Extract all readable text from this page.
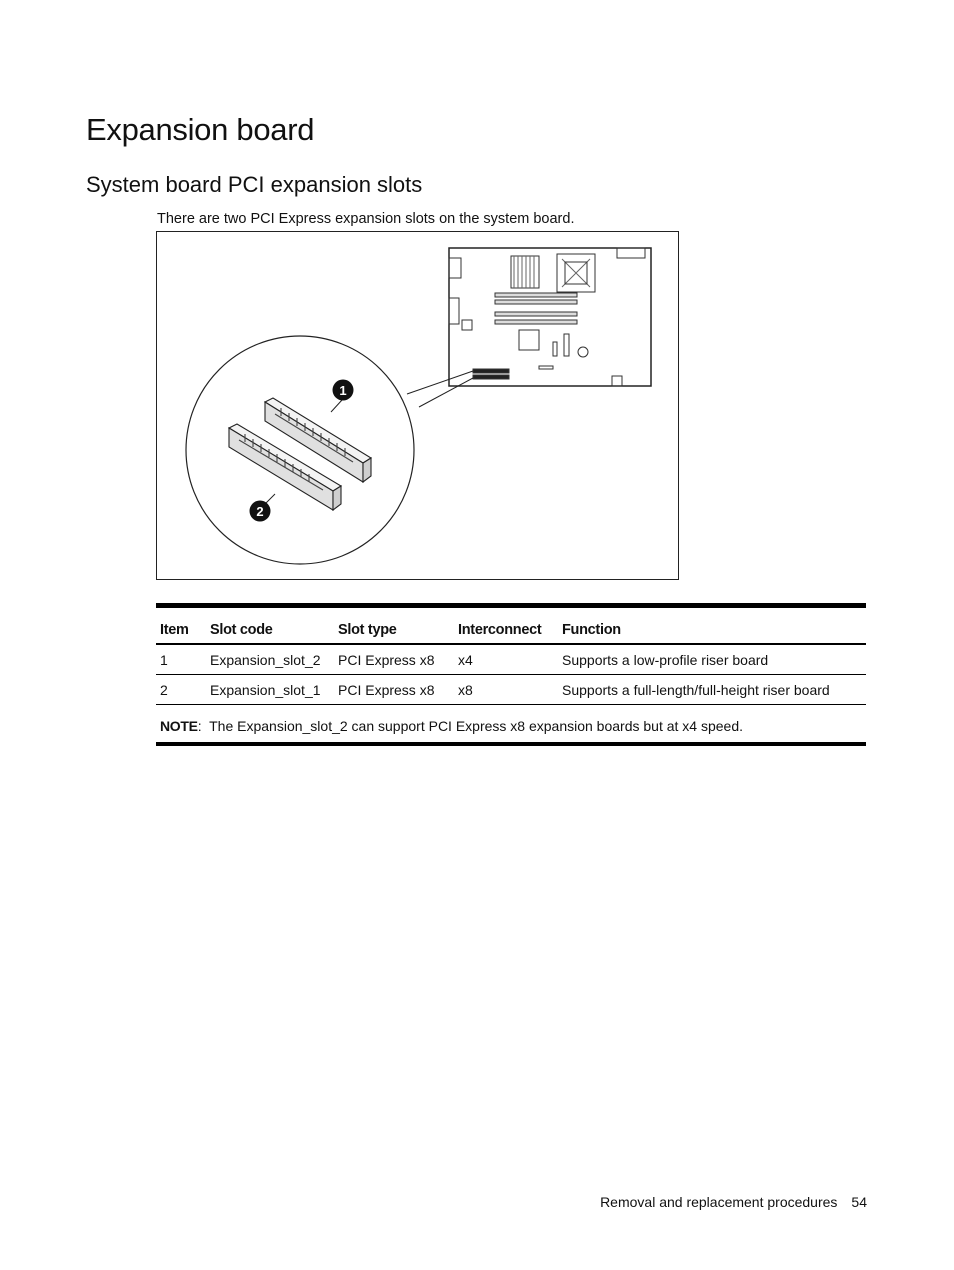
Expansion board
System board PCI expansion slots

There are two PCI Express expansion slots on the system board.

1
2
Item	Slot code	Slot type	Interconnect	Function
1	Expansion_slot_2	PCI Express x8	x4	Supports a low-profile riser board
2	Expansion_slot_1	PCI Express x8	x8	Supports a full-length/full-height riser board
NOTE:  The Expansion_slot_2 can support PCI Express x8 expansion boards but at x4 speed.				
Removal and replacement procedures 54
